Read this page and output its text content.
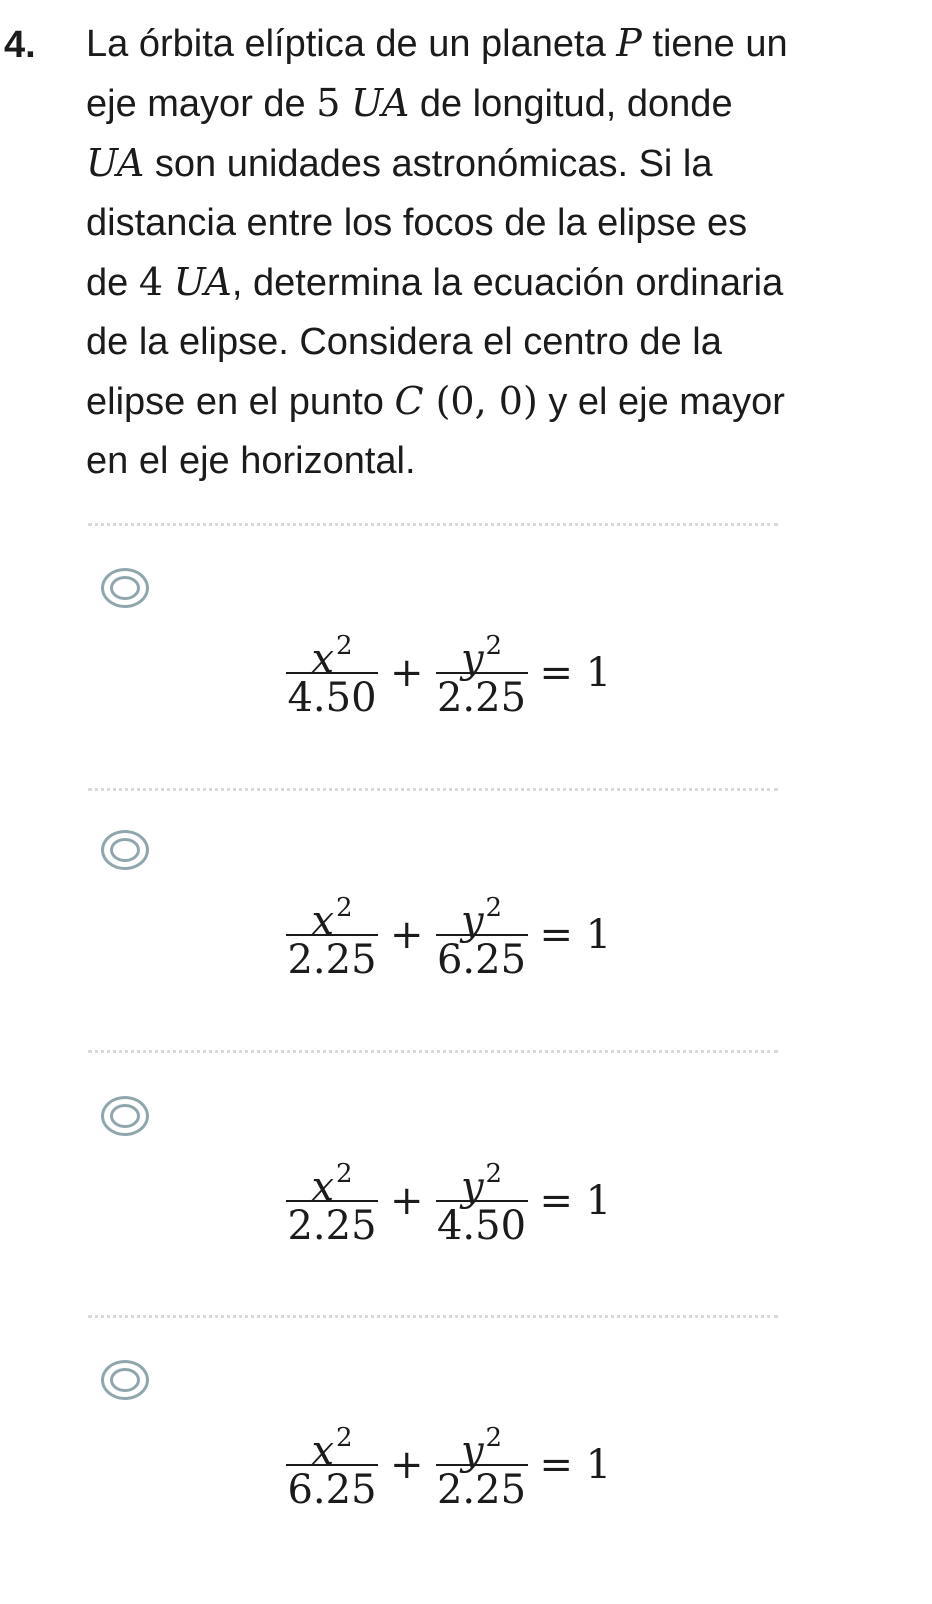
4. La órbita elíptica de un planeta P tiene un
eje mayor de 5 UA de longitud, donde
UA son unidades astronómicas. Si la
distancia entre los focos de la elipse es
de 4 UA, determina la ecuación ordinaria
de la elipse. Considera el centro de la
elipse en el punto C (0, 0) y el eje mayor
en el eje horizontal.
$\frac{x^2}{4.50} + \frac{y^2}{2.25} = 1$
$\frac{x^2}{2.25} + \frac{y^2}{6.25} = 1$
$\frac{x^2}{2.25} + \frac{y^2}{4.50} = 1$
$\frac{x^2}{6.25} + \frac{y^2}{2.25} = 1$
